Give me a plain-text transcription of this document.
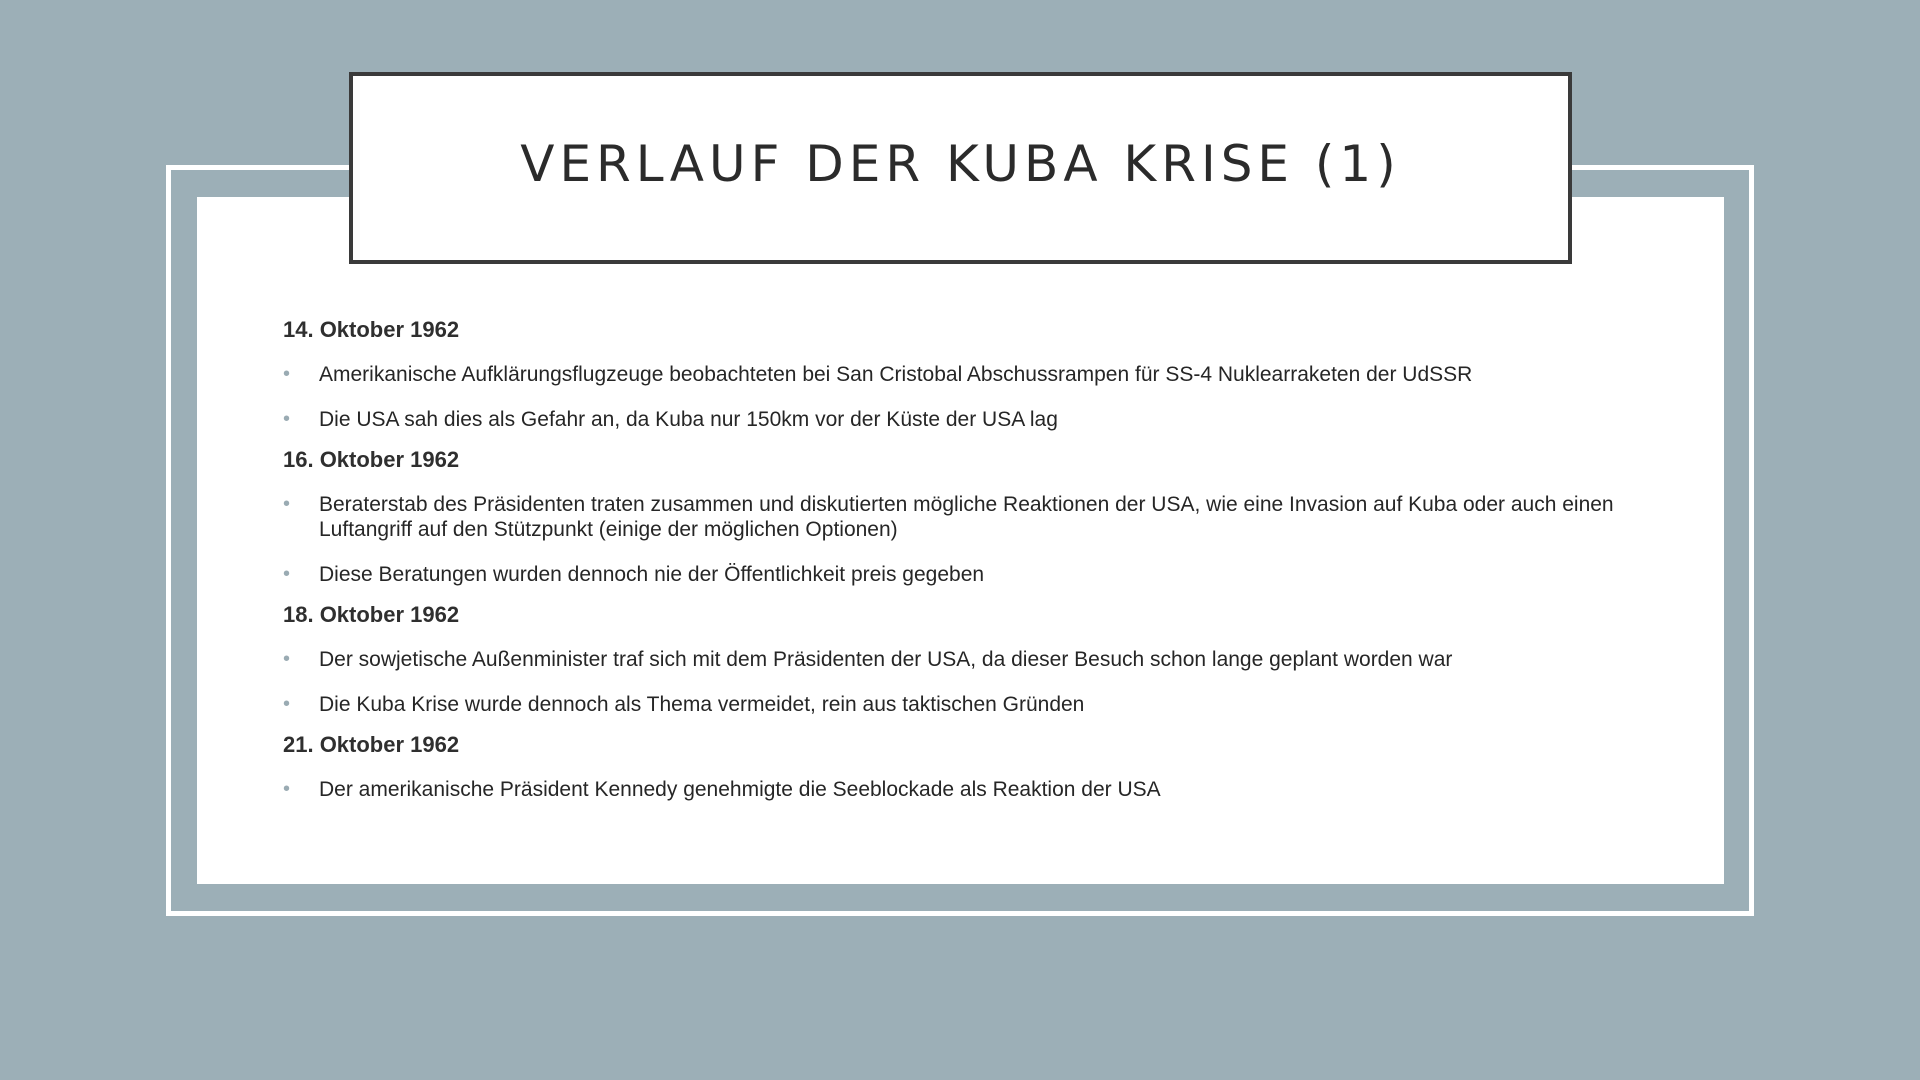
VERLAUF DER KUBA KRISE (1)
14. Oktober 1962
• Amerikanische Aufklärungsflugzeuge beobachteten bei San Cristobal Abschussrampen für SS-4 Nuklearraketen der UdSSR
• Die USA sah dies als Gefahr an, da Kuba nur 150km vor der Küste der USA lag
16. Oktober 1962
• Beraterstab des Präsidenten traten zusammen und diskutierten mögliche Reaktionen der USA, wie eine Invasion auf Kuba oder auch einen Luftangriff auf den Stützpunkt (einige der möglichen Optionen)
• Diese Beratungen wurden dennoch nie der Öffentlichkeit preis gegeben
18. Oktober 1962
• Der sowjetische Außenminister traf sich mit dem Präsidenten der USA, da dieser Besuch schon lange geplant worden war
• Die Kuba Krise wurde dennoch als Thema vermeidet, rein aus taktischen Gründen
21. Oktober 1962
• Der amerikanische Präsident Kennedy genehmigte die Seeblockade als Reaktion der USA
